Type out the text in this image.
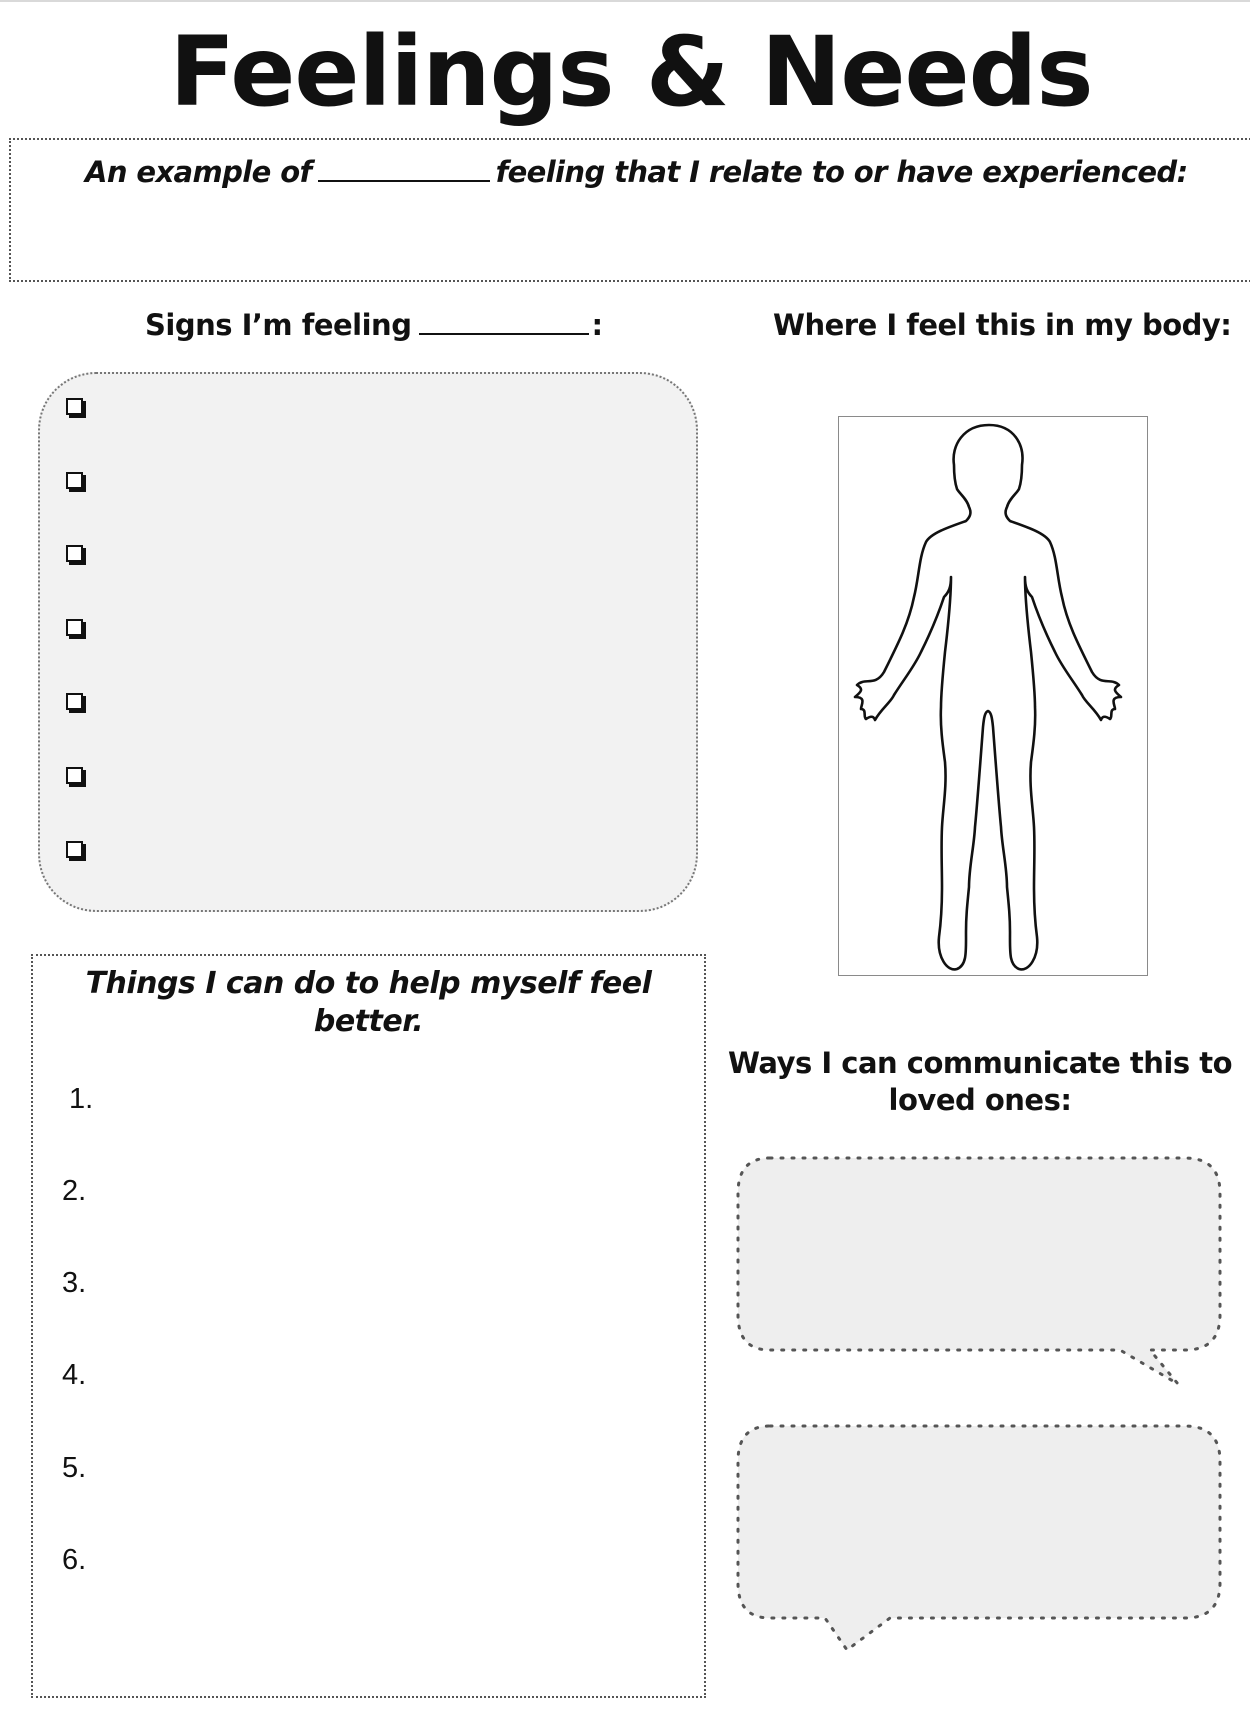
Feelings & Needs
An example of	feeling that I relate to or have experienced:
Signs I’m feeling	:	Where I feel this in my body:
Things I can do to help myself feel
better.
1.
2.
3.
4.
5.
6.
Ways I can communicate this to
loved ones:
